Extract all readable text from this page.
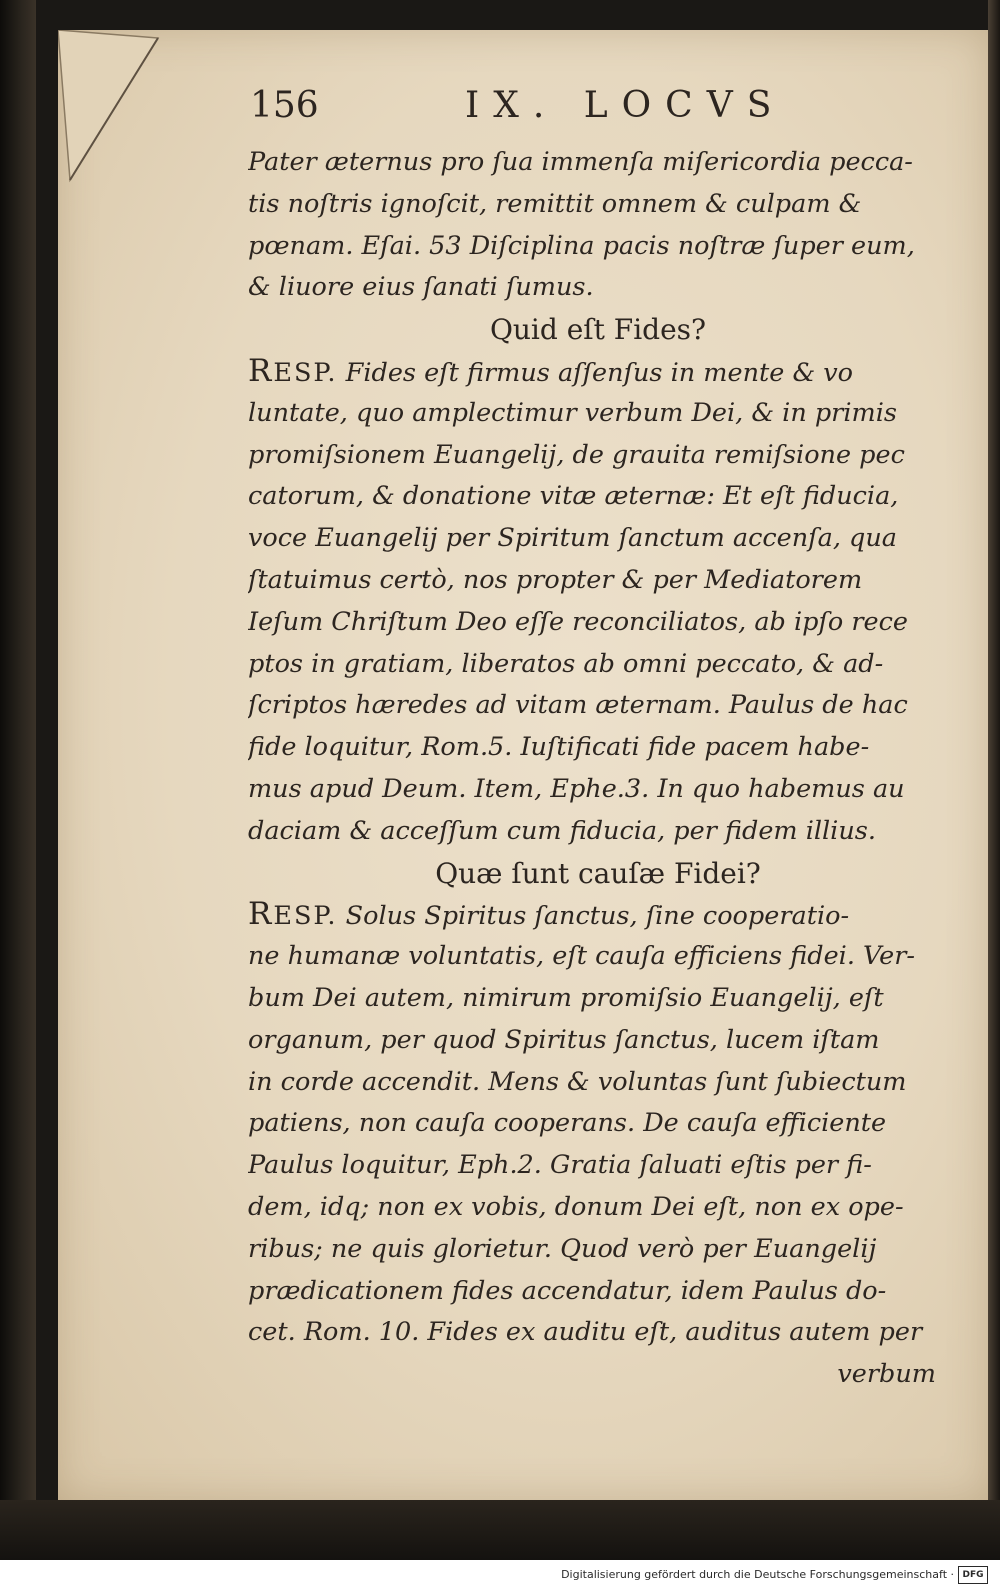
156	IX. LOCVS
Pater æternus pro ſua immenſa miſericordia pecca-
tis noſtris ignoſcit, remittit omnem & culpam &
pœnam. Eſai. 53 Diſciplina pacis noſtræ ſuper eum,
& liuore eius ſanati ſumus.
Quid eſt Fides?
RESP. Fides eſt firmus aſſenſus in mente & vo
luntate, quo amplectimur verbum Dei, & in primis
promiſsionem Euangelij, de grauita remiſsione pec
catorum, & donatione vitæ æternæ: Et eſt fiducia,
voce Euangelij per Spiritum ſanctum accenſa, qua
ſtatuimus certò, nos propter & per Mediatorem
Ieſum Chriſtum Deo eſſe reconciliatos, ab ipſo rece
ptos in gratiam, liberatos ab omni peccato, & ad-
ſcriptos hæredes ad vitam æternam. Paulus de hac
fide loquitur, Rom.5. Iuſtificati fide pacem habe-
mus apud Deum. Item, Ephe.3. In quo habemus au
daciam & acceſſum cum fiducia, per fidem illius.
Quæ ſunt cauſæ Fidei?
RESP. Solus Spiritus ſanctus, ſine cooperatio-
ne humanæ voluntatis, eſt cauſa efficiens fidei. Ver-
bum Dei autem, nimirum promiſsio Euangelij, eſt
organum, per quod Spiritus ſanctus, lucem iſtam
in corde accendit. Mens & voluntas ſunt ſubiectum
patiens, non cauſa cooperans. De cauſa efficiente
Paulus loquitur, Eph.2. Gratia ſaluati eſtis per fi-
dem, idq; non ex vobis, donum Dei eſt, non ex ope-
ribus; ne quis glorietur. Quod verò per Euangelij
prædicationem fides accendatur, idem Paulus do-
cet. Rom. 10. Fides ex auditu eſt, auditus autem per
verbum
Digitalisierung gefördert durch die Deutsche Forschungsgemeinschaft · DFG
